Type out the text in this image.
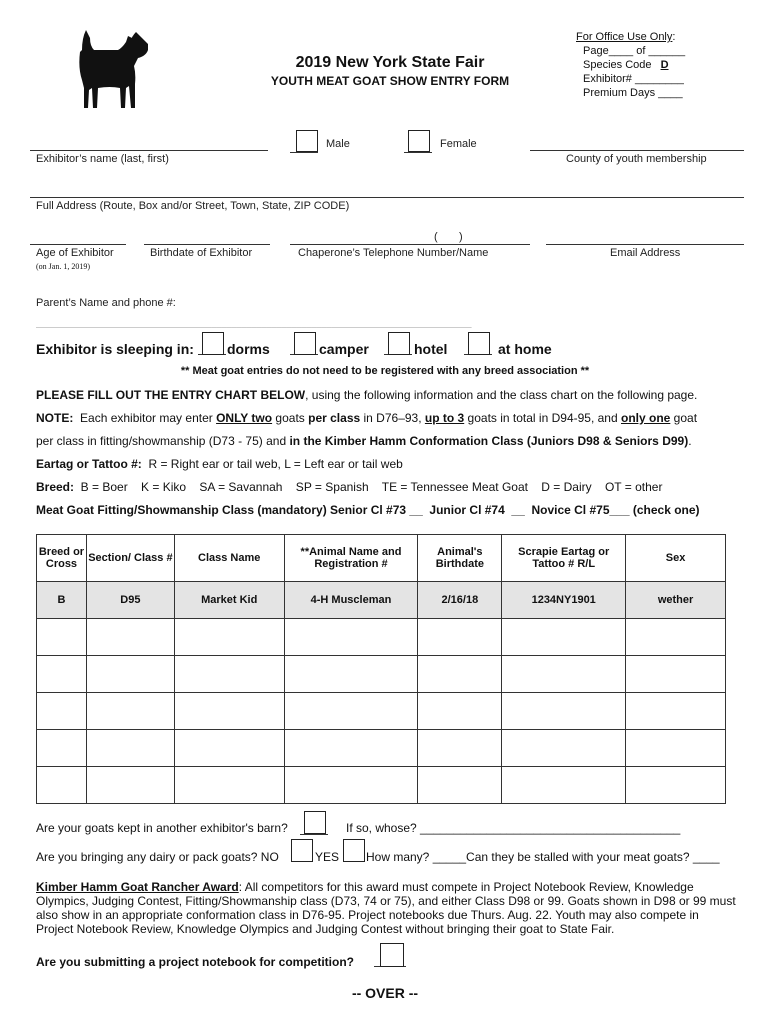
2019 New York State Fair
YOUTH MEAT GOAT SHOW ENTRY FORM
For Office Use Only:
Page____ of ______
Species Code D
Exhibitor# ________
Premium Days ____
Exhibitor’s name (last, first)
Male	Female
County of youth membership
Full Address (Route, Box and/or Street, Town, State, ZIP CODE)
Age of Exhibitor
(on Jan. 1, 2019)
Birthdate of Exhibitor
(       )
Chaperone’s Telephone Number/Name	Email Address
Parent’s Name and phone #:
_______________________________________________________________________________________
Exhibitor is sleeping in: dorms	camper	hotel	at home
** Meat goat entries do not need to be registered with any breed association **
PLEASE FILL OUT THE ENTRY CHART BELOW, using the following information and the class chart on the following page.
NOTE:  Each exhibitor may enter ONLY two goats per class in D76–93, up to 3 goats in total in D94-95, and only one goat
per class in fitting/showmanship (D73 - 75) and in the Kimber Hamm Conformation Class (Juniors D98 & Seniors D99).
Eartag or Tattoo #:  R = Right ear or tail web, L = Left ear or tail web
Breed:  B = Boer    K = Kiko    SA = Savannah    SP = Spanish    TE = Tennessee Meat Goat    D = Dairy    OT = other
Meat Goat Fitting/Showmanship Class (mandatory) Senior Cl #73 __  Junior Cl #74  __  Novice Cl #75___ (check one)
Breed or Cross	Section/ Class #	Class Name	**Animal Name and Registration #	Animal's Birthdate	Scrapie Eartag or Tattoo # R/L	Sex
B	D95	Market Kid	4-H Muscleman	2/16/18	1234NY1901	wether

Are your goats kept in another exhibitor's barn?	If so, whose? _______________________________________
Are you bringing any dairy or pack goats? NO	YES How many? _____Can they be stalled with your meat goats? ____
Kimber Hamm Goat Rancher Award: All competitors for this award must compete in Project Notebook Review, Knowledge Olympics, Judging Contest, Fitting/Showmanship class (D73, 74 or 75), and either Class D98 or 99. Goats shown in D98 or 99 must also show in an appropriate conformation class in D76-95. Project notebooks due Thurs. Aug. 22. Youth may also compete in Project Notebook Review, Knowledge Olympics and Judging Contest without bringing their goat to State Fair.
Are you submitting a project notebook for competition?
-- OVER --
